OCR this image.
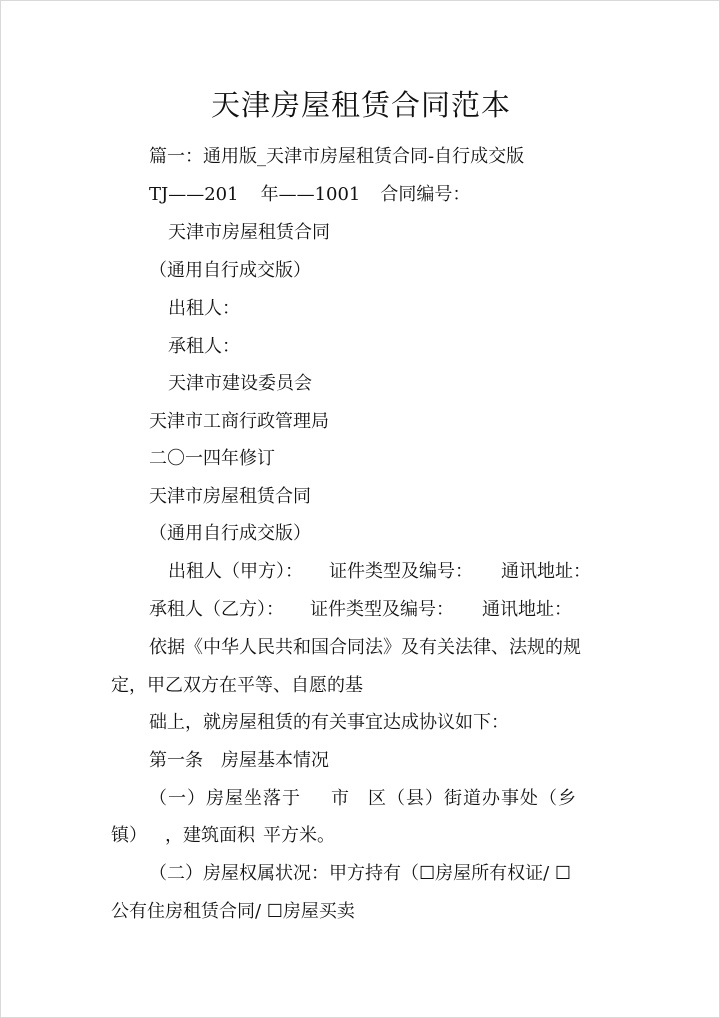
天津房屋租赁合同范本
篇一：通用版_天津市房屋租赁合同-自行成交版
TJ——201 年——1001 合同编号：
天津市房屋租赁合同
（通用自行成交版）
出租人：
承租人：
天津市建设委员会
天津市工商行政管理局
二〇一四年修订
天津市房屋租赁合同
（通用自行成交版）
出租人（甲方）： 证件类型及编号： 通讯地址：
承租人（乙方）： 证件类型及编号： 通讯地址：
依据《中华人民共和国合同法》及有关法律、法规的规
定，甲乙双方在平等、自愿的基
础上，就房屋租赁的有关事宜达成协议如下：
第一条 房屋基本情况
（一）房屋坐落于 市 区（县）街道办事处（乡
镇） ，建筑面积 平方米。
（二）房屋权属状况：甲方持有（☐房屋所有权证/ ☐
公有住房租赁合同/ ☐房屋买卖
